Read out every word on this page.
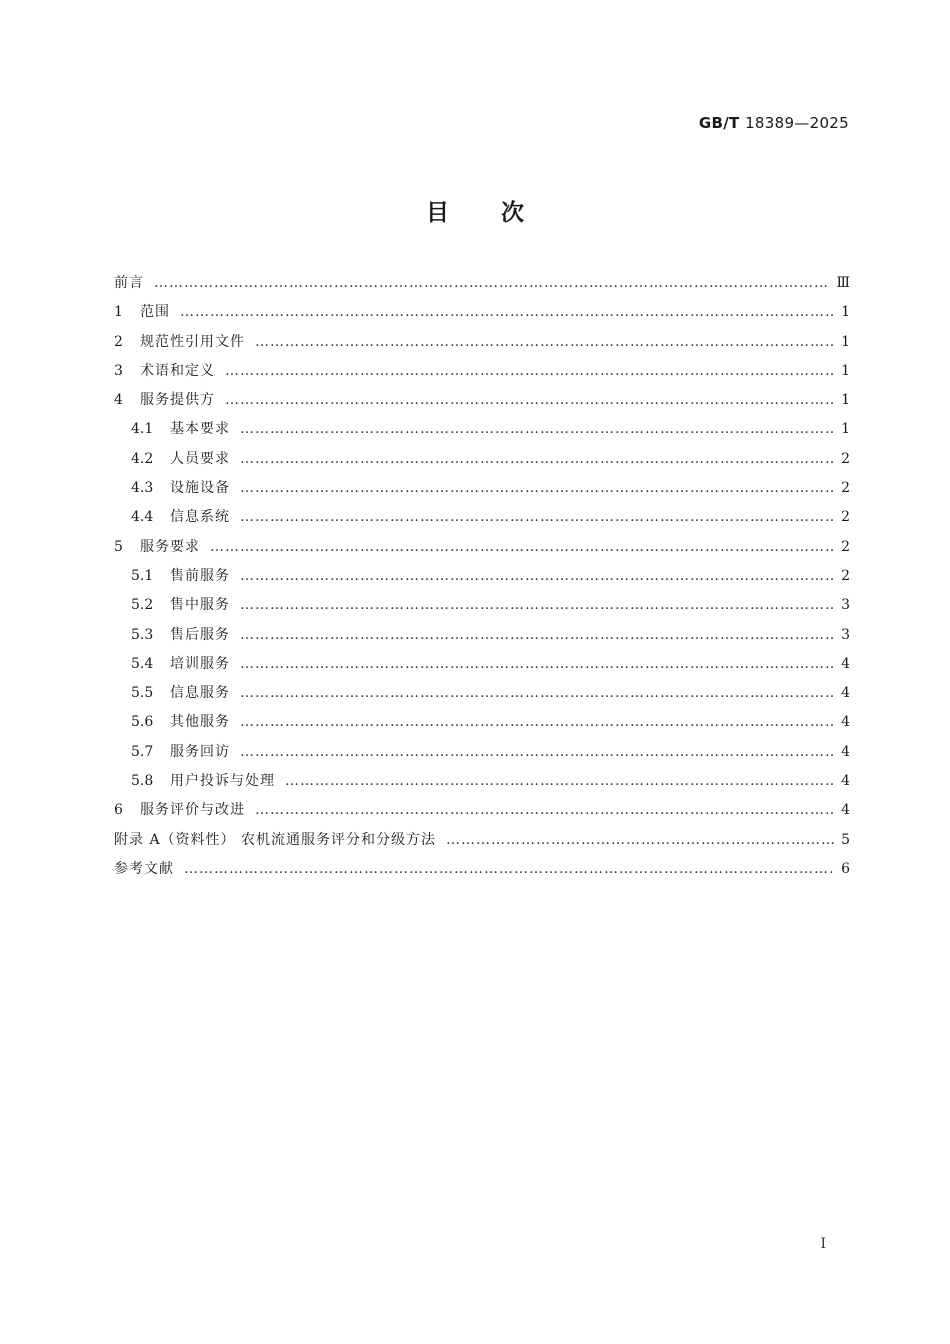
GB/T 18389—2025
目 次
前言 ……………………………………………………………………………………………………………………………………………………………………………………………………………………	Ⅲ
1	范围 ……………………………………………………………………………………………………………………………………………………………………………………………………………………	1
2	规范性引用文件 ……………………………………………………………………………………………………………………………………………………………………………………………………………………	1
3	术语和定义 ……………………………………………………………………………………………………………………………………………………………………………………………………………………	1
4	服务提供方 ……………………………………………………………………………………………………………………………………………………………………………………………………………………	1
4.1	基本要求 ……………………………………………………………………………………………………………………………………………………………………………………………………………………	1
4.2	人员要求 ……………………………………………………………………………………………………………………………………………………………………………………………………………………	2
4.3	设施设备 ……………………………………………………………………………………………………………………………………………………………………………………………………………………	2
4.4	信息系统 ……………………………………………………………………………………………………………………………………………………………………………………………………………………	2
5	服务要求 ……………………………………………………………………………………………………………………………………………………………………………………………………………………	2
5.1	售前服务 ……………………………………………………………………………………………………………………………………………………………………………………………………………………	2
5.2	售中服务 ……………………………………………………………………………………………………………………………………………………………………………………………………………………	3
5.3	售后服务 ……………………………………………………………………………………………………………………………………………………………………………………………………………………	3
5.4	培训服务 ……………………………………………………………………………………………………………………………………………………………………………………………………………………	4
5.5	信息服务 ……………………………………………………………………………………………………………………………………………………………………………………………………………………	4
5.6	其他服务 ……………………………………………………………………………………………………………………………………………………………………………………………………………………	4
5.7	服务回访 ……………………………………………………………………………………………………………………………………………………………………………………………………………………	4
5.8	用户投诉与处理 ……………………………………………………………………………………………………………………………………………………………………………………………………………………	4
6	服务评价与改进 ……………………………………………………………………………………………………………………………………………………………………………………………………………………	4
附录 A（资料性） 农机流通服务评分和分级方法 ……………………………………………………………………………………………………………………………………………………………………………………………………………………	5
参考文献 ……………………………………………………………………………………………………………………………………………………………………………………………………………………	6
I
